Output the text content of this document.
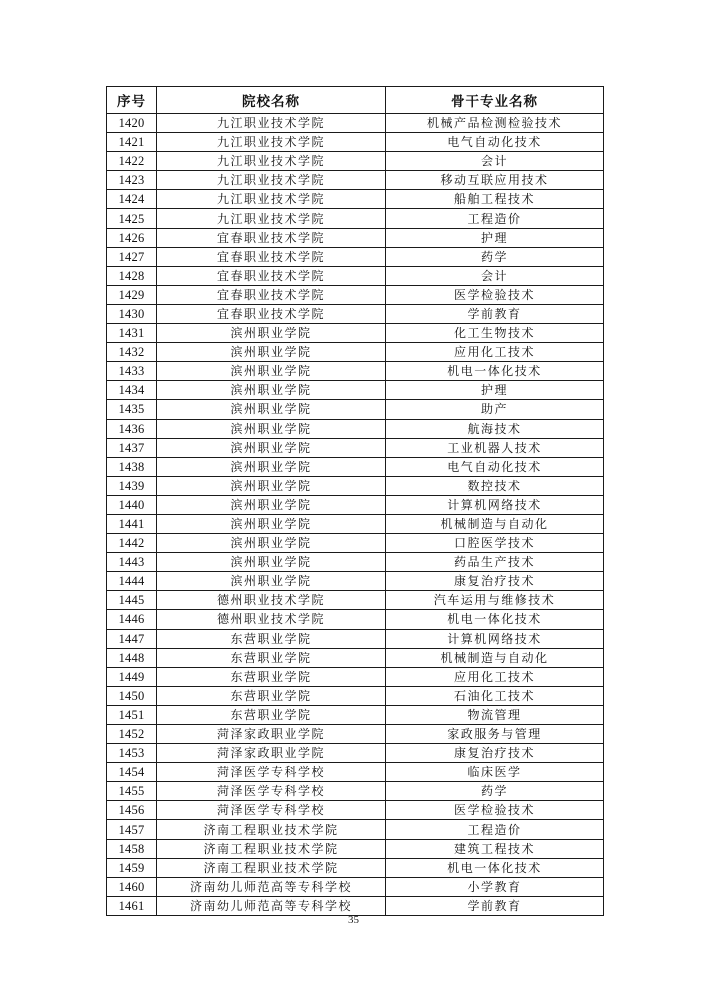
序号	院校名称	骨干专业名称
1420	九江职业技术学院	机械产品检测检验技术
1421	九江职业技术学院	电气自动化技术
1422	九江职业技术学院	会计
1423	九江职业技术学院	移动互联应用技术
1424	九江职业技术学院	船舶工程技术
1425	九江职业技术学院	工程造价
1426	宜春职业技术学院	护理
1427	宜春职业技术学院	药学
1428	宜春职业技术学院	会计
1429	宜春职业技术学院	医学检验技术
1430	宜春职业技术学院	学前教育
1431	滨州职业学院	化工生物技术
1432	滨州职业学院	应用化工技术
1433	滨州职业学院	机电一体化技术
1434	滨州职业学院	护理
1435	滨州职业学院	助产
1436	滨州职业学院	航海技术
1437	滨州职业学院	工业机器人技术
1438	滨州职业学院	电气自动化技术
1439	滨州职业学院	数控技术
1440	滨州职业学院	计算机网络技术
1441	滨州职业学院	机械制造与自动化
1442	滨州职业学院	口腔医学技术
1443	滨州职业学院	药品生产技术
1444	滨州职业学院	康复治疗技术
1445	德州职业技术学院	汽车运用与维修技术
1446	德州职业技术学院	机电一体化技术
1447	东营职业学院	计算机网络技术
1448	东营职业学院	机械制造与自动化
1449	东营职业学院	应用化工技术
1450	东营职业学院	石油化工技术
1451	东营职业学院	物流管理
1452	菏泽家政职业学院	家政服务与管理
1453	菏泽家政职业学院	康复治疗技术
1454	菏泽医学专科学校	临床医学
1455	菏泽医学专科学校	药学
1456	菏泽医学专科学校	医学检验技术
1457	济南工程职业技术学院	工程造价
1458	济南工程职业技术学院	建筑工程技术
1459	济南工程职业技术学院	机电一体化技术
1460	济南幼儿师范高等专科学校	小学教育
1461	济南幼儿师范高等专科学校	学前教育
35
